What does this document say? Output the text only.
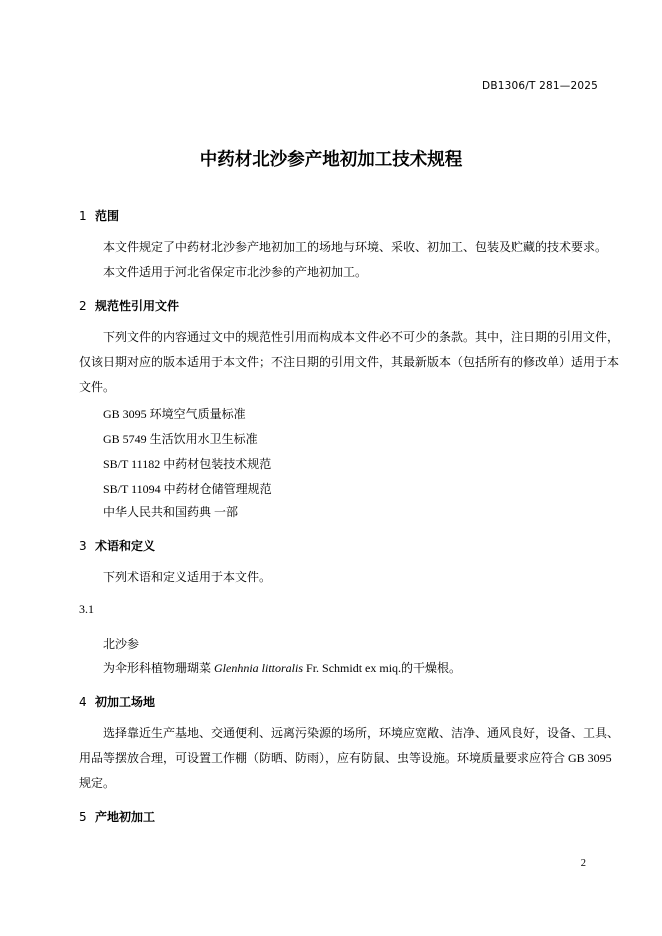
DB1306/T 281—2025
中药材北沙参产地初加工技术规程
1 范围
本文件规定了中药材北沙参产地初加工的场地与环境、采收、初加工、包装及贮藏的技术要求。
本文件适用于河北省保定市北沙参的产地初加工。
2 规范性引用文件
下列文件的内容通过文中的规范性引用而构成本文件必不可少的条款。其中，注日期的引用文件，
仅该日期对应的版本适用于本文件；不注日期的引用文件，其最新版本（包括所有的修改单）适用于本
文件。
GB 3095 环境空气质量标准
GB 5749 生活饮用水卫生标准
SB/T 11182 中药材包装技术规范
SB/T 11094 中药材仓储管理规范
中华人民共和国药典 一部
3 术语和定义
下列术语和定义适用于本文件。
3.1
北沙参
为伞形科植物珊瑚菜 Glenhnia littoralis Fr. Schmidt ex miq.的干燥根。
4 初加工场地
选择靠近生产基地、交通便利、远离污染源的场所，环境应宽敞、洁净、通风良好，设备、工具、
用品等摆放合理，可设置工作棚（防晒、防雨），应有防鼠、虫等设施。环境质量要求应符合 GB 3095
规定。
5 产地初加工
2
